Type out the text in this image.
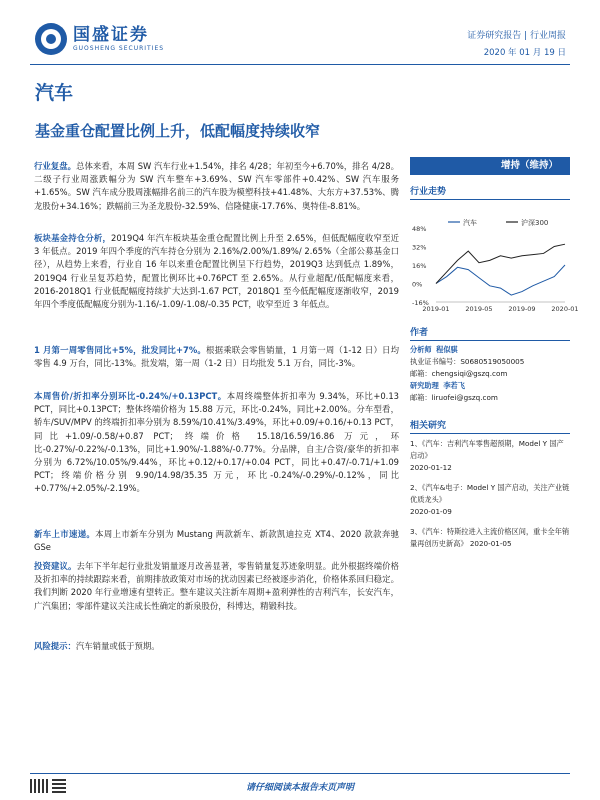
国盛证券
GUOSHENG SECURITIES
证券研究报告 | 行业周报
2020 年 01 月 19 日
汽车
基金重仓配置比例上升，低配幅度持续收窄
行业复盘。总体来看，本周 SW 汽车行业+1.54%，排名 4/28；年初至今+6.70%，排名 4/28。二级子行业周涨跌幅分为 SW 汽车整车+3.69%、SW 汽车零部件+0.42%、SW 汽车服务+1.65%。SW 汽车成分股周涨幅排名前三的汽车股为模塑科技+41.48%、大东方+37.53%、腾龙股份+34.16%；跌幅前三为圣龙股份-32.59%、信隆健康-17.76%、奥特佳-8.81%。
板块基金持仓分析，2019Q4 年汽车板块基金重仓配置比例上升至 2.65%，但低配幅度收窄至近 3 年低点。2019 年四个季度的汽车持仓分别为 2.16%/2.00%/1.89%/ 2.65%（全部公募基金口径），从趋势上来看，行业自 16 年以来重仓配置比例呈下行趋势，2019Q3 达到低点 1.89%，2019Q4 行业呈复苏趋势，配置比例环比+0.76PCT 至 2.65%。从行业超配/低配幅度来看，2016-2018Q1 行业低配幅度持续扩大达到-1.67 PCT，2018Q1 至今低配幅度逐渐收窄，2019 年四个季度低配幅度分别为-1.16/-1.09/-1.08/-0.35 PCT，收窄至近 3 年低点。
1 月第一周零售同比+5%，批发同比+7%。根据乘联会零售销量，1 月第一周（1-12 日）日均零售 4.9 万台，同比-13%。批发端，第一周（1-2 日）日均批发 5.1 万台，同比-3%。
本周售价/折扣率分别环比-0.24%/+0.13PCT。本周终端整体折扣率为 9.34%，环比+0.13 PCT，同比+0.13PCT；整体终端价格为 15.88 万元，环比-0.24%，同比+2.00%。分车型看，轿车/SUV/MPV 的终端折扣率分别为 8.59%/10.41%/3.49%，环比+0.09/+0.16/+0.13 PCT，同比+1.09/-0.58/+0.87 PCT；终端价格 15.18/16.59/16.86 万元，环比-0.27%/-0.22%/-0.13%，同比+1.90%/-1.88%/-0.77%。分品牌，自主/合资/豪华的折扣率分别为 6.72%/10.05%/9.44%，环比+0.12/+0.17/+0.04 PCT，同比+0.47/-0.71/+1.09 PCT；终端价格分别 9.90/14.98/35.35 万元，环比-0.24%/-0.29%/-0.12%，同比+0.77%/+2.05%/-2.19%。
新车上市速递。本周上市新车分别为 Mustang 两款新车、新款凯迪拉克 XT4、2020 款款奔驰 GSe
投资建议。去年下半年起行业批发销量逐月改善显著，零售销量复苏迹象明显。此外根据终端价格及折扣率的持续跟踪来看，前期排放政策对市场的扰动因素已经被逐步消化，价格体系回归稳定。我们判断 2020 年行业增速有望转正。整车建议关注新车周期+盈利弹性的吉利汽车，长安汽车，广汽集团；零部件建议关注成长性确定的新泉股份，科博达，精锻科技。
风险提示：汽车销量或低于预期。
增持（维持）
行业走势
48%
32%
16%
0%
-16%
2019-01 2019-05 2019-09 2020-01
汽车	沪深300
作者
分析师 程似骐
执业证书编号：S0680519050005
邮箱：chengsiqi@gszq.com
研究助理 李若飞
邮箱：liruofei@gszq.com
相关研究
1、《汽车：吉利汽车零售超预期，Model Y 国产启动》
2020-01-12
2、《汽车&电子：Model Y 国产启动，关注产业链优质龙头》
2020-01-09
3、《汽车：特斯拉进入主流价格区间，重卡全年销量再创历史新高》 2020-01-05
请仔细阅读本报告末页声明
